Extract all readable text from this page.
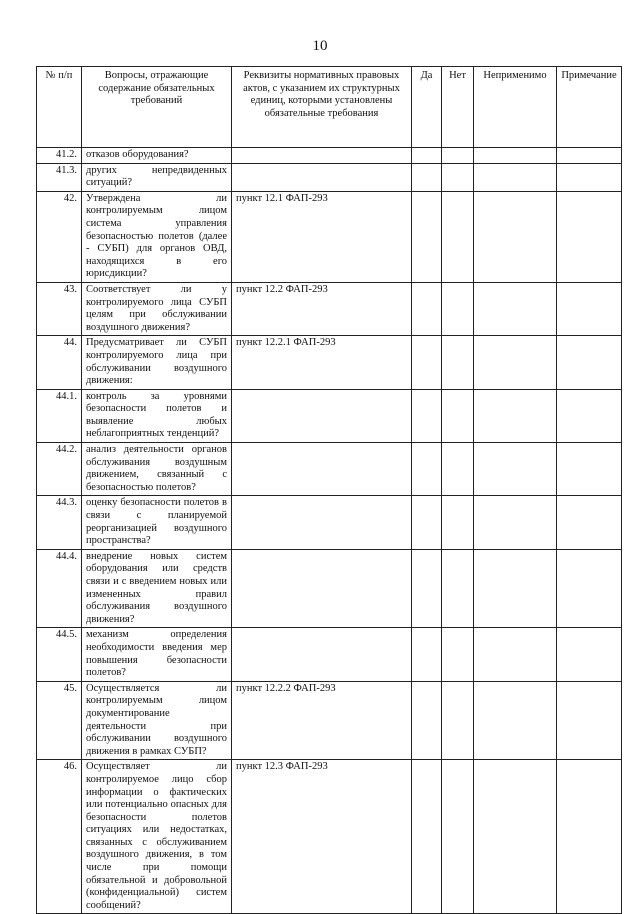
10
№ п/п	Вопросы, отражающие содержание обязательных требований	Реквизиты нормативных правовых актов, с указанием их структурных единиц, которыми установлены обязательные требования	Да	Нет	Неприменимо	Примечание
41.2.	отказов оборудования?					
41.3.	других непредвиденных ситуаций?					
42.	Утверждена ли контролируемым лицом система управления безопасностью полетов (далее - СУБП) для органов ОВД, находящихся в его юрисдикции?	пункт 12.1 ФАП-293				
43.	Соответствует ли у контролируемого лица СУБП целям при обслуживании воздушного движения?	пункт 12.2 ФАП-293				
44.	Предусматривает ли СУБП контролируемого лица при обслуживании воздушного движения:	пункт 12.2.1 ФАП-293				
44.1.	контроль за уровнями безопасности полетов и выявление любых неблагоприятных тенденций?					
44.2.	анализ деятельности органов обслуживания воздушным движением, связанный с безопасностью полетов?					
44.3.	оценку безопасности полетов в связи с планируемой реорганизацией воздушного пространства?					
44.4.	внедрение новых систем оборудования или средств связи и с введением новых или измененных правил обслуживания воздушного движения?					
44.5.	механизм определения необходимости введения мер повышения безопасности полетов?					
45.	Осуществляется ли контролируемым лицом документирование деятельности при обслуживании воздушного движения в рамках СУБП?	пункт 12.2.2 ФАП-293				
46.	Осуществляет ли контролируемое лицо сбор информации о фактических или потенциально опасных для безопасности полетов ситуациях или недостатках, связанных с обслуживанием воздушного движения, в том числе при помощи обязательной и добровольной (конфиденциальной) систем сообщений?	пункт 12.3 ФАП-293				
